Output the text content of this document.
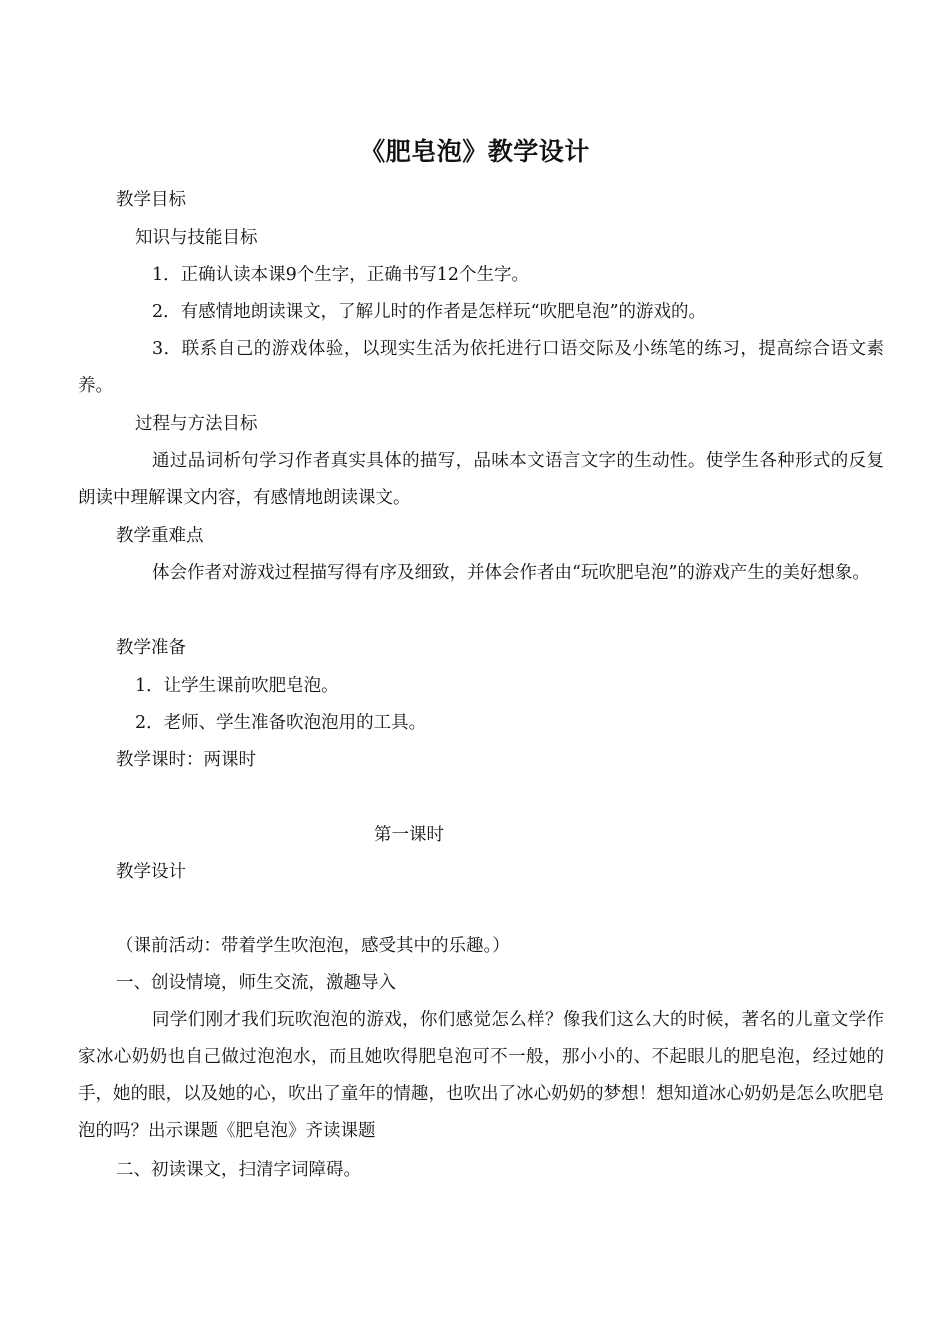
《肥皂泡》教学设计
教学目标
知识与技能目标
1．正确认读本课9个生字，正确书写12个生字。
2．有感情地朗读课文，了解儿时的作者是怎样玩“吹肥皂泡”的游戏的。
3．联系自己的游戏体验，以现实生活为依托进行口语交际及小练笔的练习，提高综合语文素养。
过程与方法目标
通过品词析句学习作者真实具体的描写，品味本文语言文字的生动性。使学生各种形式的反复朗读中理解课文内容，有感情地朗读课文。
教学重难点
体会作者对游戏过程描写得有序及细致，并体会作者由“玩吹肥皂泡”的游戏产生的美好想象。
教学准备
1．让学生课前吹肥皂泡。
2．老师、学生准备吹泡泡用的工具。
教学课时：两课时
第一课时
教学设计
（课前活动：带着学生吹泡泡，感受其中的乐趣。）
一、创设情境，师生交流，激趣导入
同学们刚才我们玩吹泡泡的游戏，你们感觉怎么样？像我们这么大的时候，著名的儿童文学作家冰心奶奶也自己做过泡泡水，而且她吹得肥皂泡可不一般，那小小的、不起眼儿的肥皂泡，经过她的手，她的眼，以及她的心，吹出了童年的情趣，也吹出了冰心奶奶的梦想！想知道冰心奶奶是怎么吹肥皂泡的吗？出示课题《肥皂泡》齐读课题
二、初读课文，扫清字词障碍。
